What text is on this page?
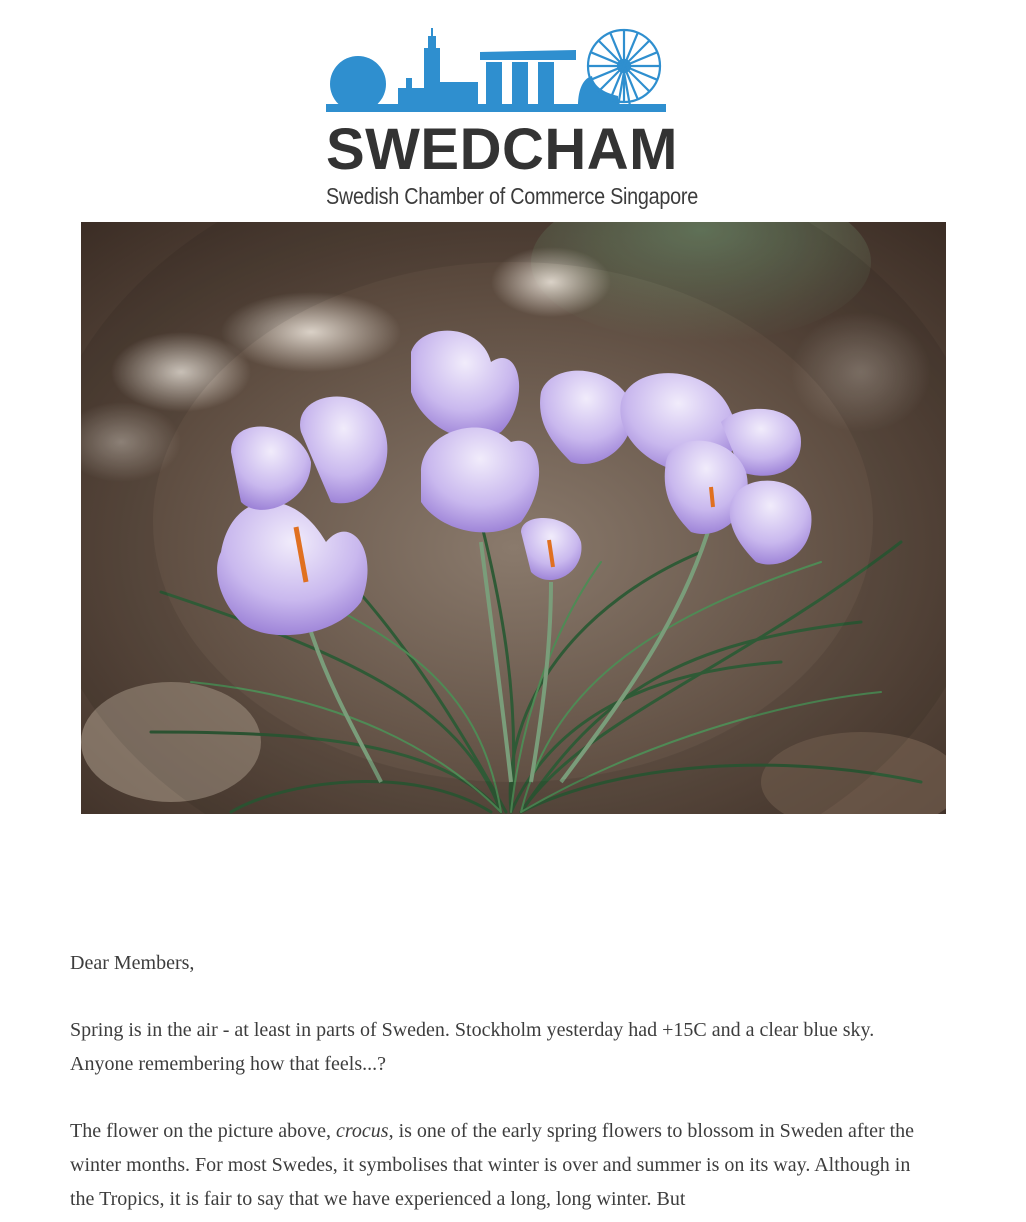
SWEDCHAM
Swedish Chamber of Commerce Singapore
Dear Members,
Spring is in the air - at least in parts of Sweden. Stockholm yesterday had +15C and a clear blue sky. Anyone remembering how that feels...?
The flower on the picture above, crocus, is one of the early spring flowers to blossom in Sweden after the winter months. For most Swedes, it symbolises that winter is over and summer is on its way. Although in the Tropics, it is fair to say that we have experienced a long, long winter. But
